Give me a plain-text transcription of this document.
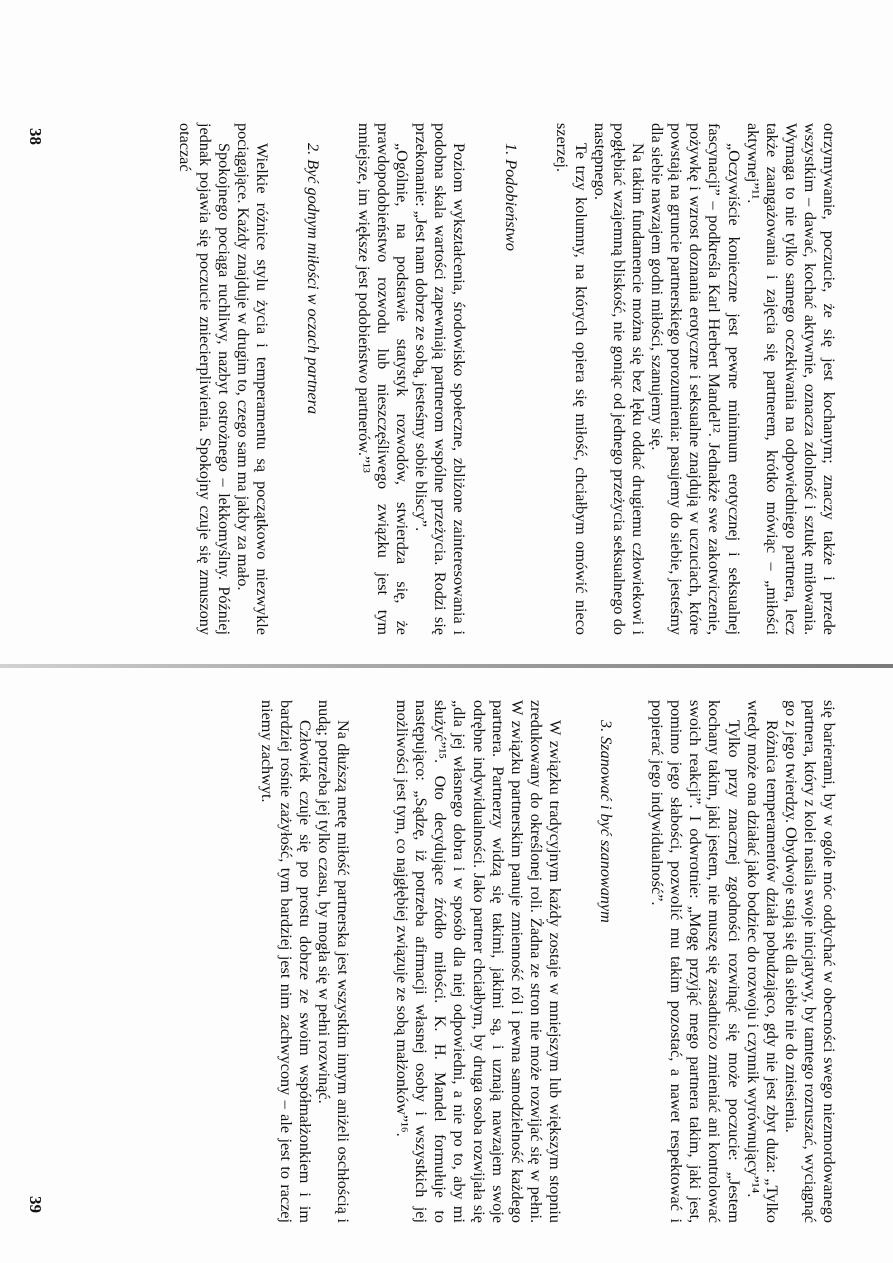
otrzymywanie, poczucie, że się jest kochanym; znaczy także i przede wszystkim – dawać, kochać aktywnie, oznacza zdolność i sztukę miłowania. Wymaga to nie tylko samego oczekiwania na odpowiedniego partnera, lecz także zaangażowania i zajęcia się partnerem, krótko mówiąc – „miłości aktywnej”¹¹.

„Oczywiście konieczne jest pewne minimum erotycznej i seksualnej fascynacji” – podkreśla Karl Herbert Mandel¹². Jednakże swe zakotwiczenie, pożywkę i wzrost doznania erotyczne i seksualne znajdują w uczuciach, które powstają na gruncie partnerskiego porozumienia: pasujemy do siebie, jesteśmy dla siebie nawzajem godni miłości, szanujemy się.

Na takim fundamencie można się bez lęku oddać drugiemu człowiekowi i pogłębiać wzajemną bliskość, nie goniąc od jednego przeżycia seksualnego do następnego.

Te trzy kolumny, na których opiera się miłość, chciałbym omówić nieco szerzej.

1. Podobieństwo

Poziom wykształcenia, środowisko społeczne, zbliżone zainteresowania i podobna skala wartości zapewniają partnerom wspólne przeżycia. Rodzi się przekonanie: „Jest nam dobrze ze sobą, jesteśmy sobie bliscy”.

„Ogólnie, na podstawie statystyk rozwodów, stwierdza się, że prawdopodobieństwo rozwodu lub nieszczęśliwego związku jest tym mniejsze, im większe jest podobieństwo partnerów.”¹³

2. Być godnym miłości w oczach partnera

Wielkie różnice stylu życia i temperamentu są początkowo niezwykle pociągające. Każdy znajduje w drugim to, czego sam ma jakby za mało.

Spokojnego pociąga ruchliwy, nazbyt ostrożnego – lekkomyślny. Później jednak pojawia się poczucie zniecierpliwienia. Spokojny czuje się zmuszony otaczać

38

się barierami, by w ogóle móc oddychać w obecności swego niezmordowanego partnera, który z kolei nasila swoje inicjatywy, by tamtego rozruszać, wyciągnąć go z jego twierdzy. Obydwoje stają się dla siebie nie do zniesienia.

Różnica temperamentów działa pobudzająco, gdy nie jest zbyt duża: „Tylko wtedy może ona działać jako bodziec do rozwoju i czynnik wyrównujący”¹⁴.

Tylko przy znacznej zgodności rozwinąć się może poczucie: „Jestem kochany takim, jaki jestem, nie muszę się zasadniczo zmieniać ani kontrolować swoich reakcji”. I odwrotnie: „Mogę przyjąć mego partnera takim, jaki jest, pomimo jego słabości, pozwolić mu takim pozostać, a nawet respektować i popierać jego indywidualność”.

3. Szanować i być szanowanym

W związku tradycyjnym każdy zostaje w mniejszym lub większym stopniu zredukowany do określonej roli. Żadna ze stron nie może rozwijać się w pełni. W związku partnerskim panuje zmienność ról i pewna samodzielność każdego partnera. Partnerzy widzą się takimi, jakimi są, i uznają nawzajem swoje odrębne indywidualności. Jako partner chciałbym, by druga osoba rozwijała się „dla jej własnego dobra i w sposób dla niej odpowiedni, a nie po to, aby mi służyć”¹⁵. Oto decydujące źródło miłości. K. H. Mandel formułuje to następująco: „Sądzę, iż potrzeba afirmacji własnej osoby i wszystkich jej możliwości jest tym, co najgłębiej związuje ze sobą małżonków”¹⁶.

Na dłuższą metę miłość partnerska jest wszystkim innym aniżeli oschłością i nudą; potrzeba jej tylko czasu, by mogła się w pełni rozwinąć.

Człowiek czuje się po prostu dobrze ze swoim współmałżonkiem i im bardziej rośnie zażyłość, tym bardziej jest nim zachwycony – ale jest to raczej niemy zachwyt.

39
